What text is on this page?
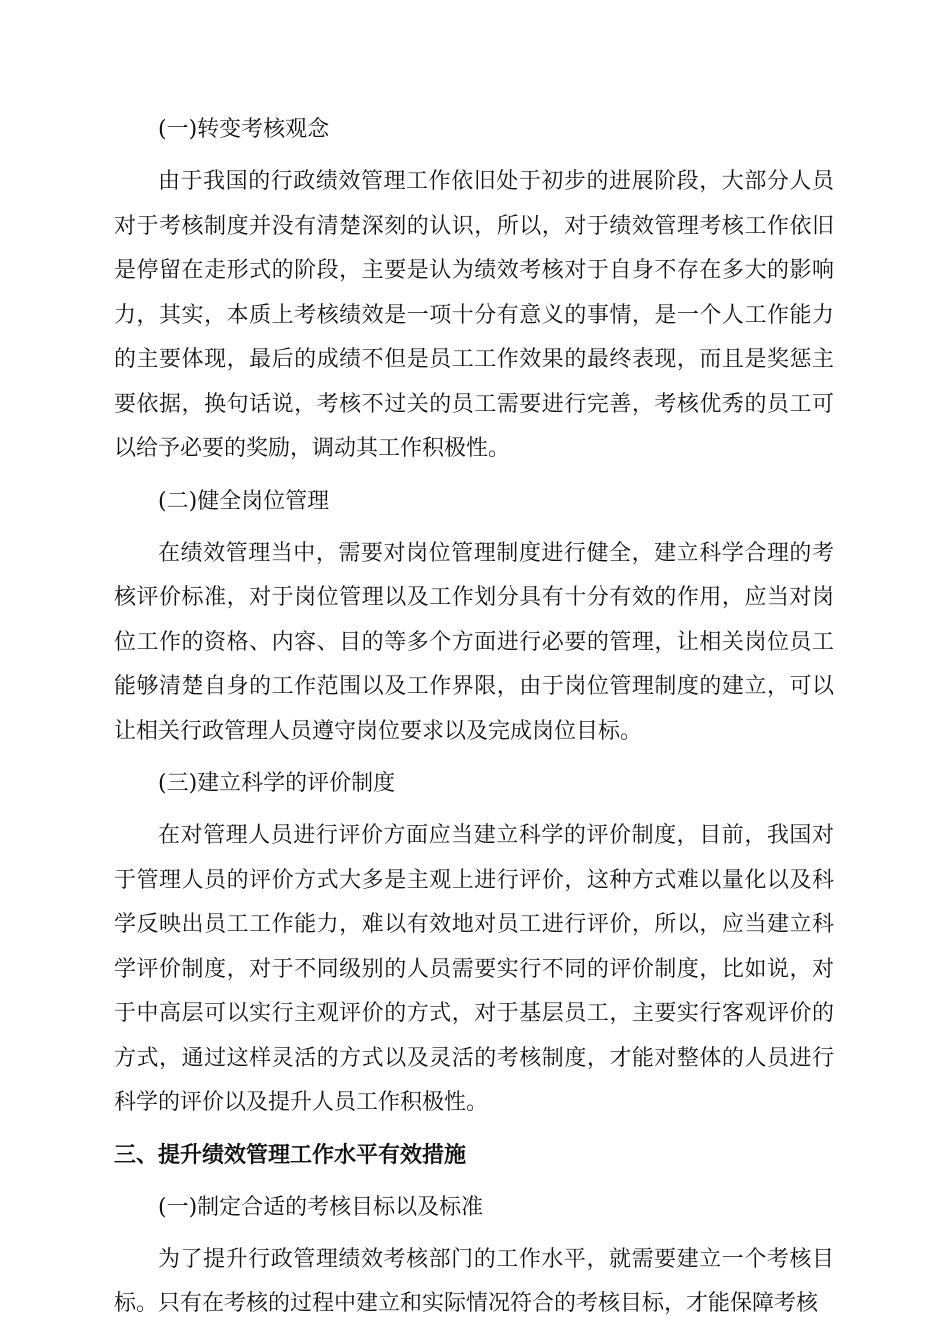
(一)转变考核观念

由于我国的行政绩效管理工作依旧处于初步的进展阶段，大部分人员对于考核制度并没有清楚深刻的认识，所以，对于绩效管理考核工作依旧是停留在走形式的阶段，主要是认为绩效考核对于自身不存在多大的影响力，其实，本质上考核绩效是一项十分有意义的事情，是一个人工作能力的主要体现，最后的成绩不但是员工工作效果的最终表现，而且是奖惩主要依据，换句话说，考核不过关的员工需要进行完善，考核优秀的员工可以给予必要的奖励，调动其工作积极性。

(二)健全岗位管理

在绩效管理当中，需要对岗位管理制度进行健全，建立科学合理的考核评价标准，对于岗位管理以及工作划分具有十分有效的作用，应当对岗位工作的资格、内容、目的等多个方面进行必要的管理，让相关岗位员工能够清楚自身的工作范围以及工作界限，由于岗位管理制度的建立，可以让相关行政管理人员遵守岗位要求以及完成岗位目标。

(三)建立科学的评价制度

在对管理人员进行评价方面应当建立科学的评价制度，目前，我国对于管理人员的评价方式大多是主观上进行评价，这种方式难以量化以及科学反映出员工工作能力，难以有效地对员工进行评价，所以，应当建立科学评价制度，对于不同级别的人员需要实行不同的评价制度，比如说，对于中高层可以实行主观评价的方式，对于基层员工，主要实行客观评价的方式，通过这样灵活的方式以及灵活的考核制度，才能对整体的人员进行科学的评价以及提升人员工作积极性。

三、提升绩效管理工作水平有效措施
(一)制定合适的考核目标以及标准

为了提升行政管理绩效考核部门的工作水平，就需要建立一个考核目标。只有在考核的过程中建立和实际情况符合的考核目标，才能保障考核
